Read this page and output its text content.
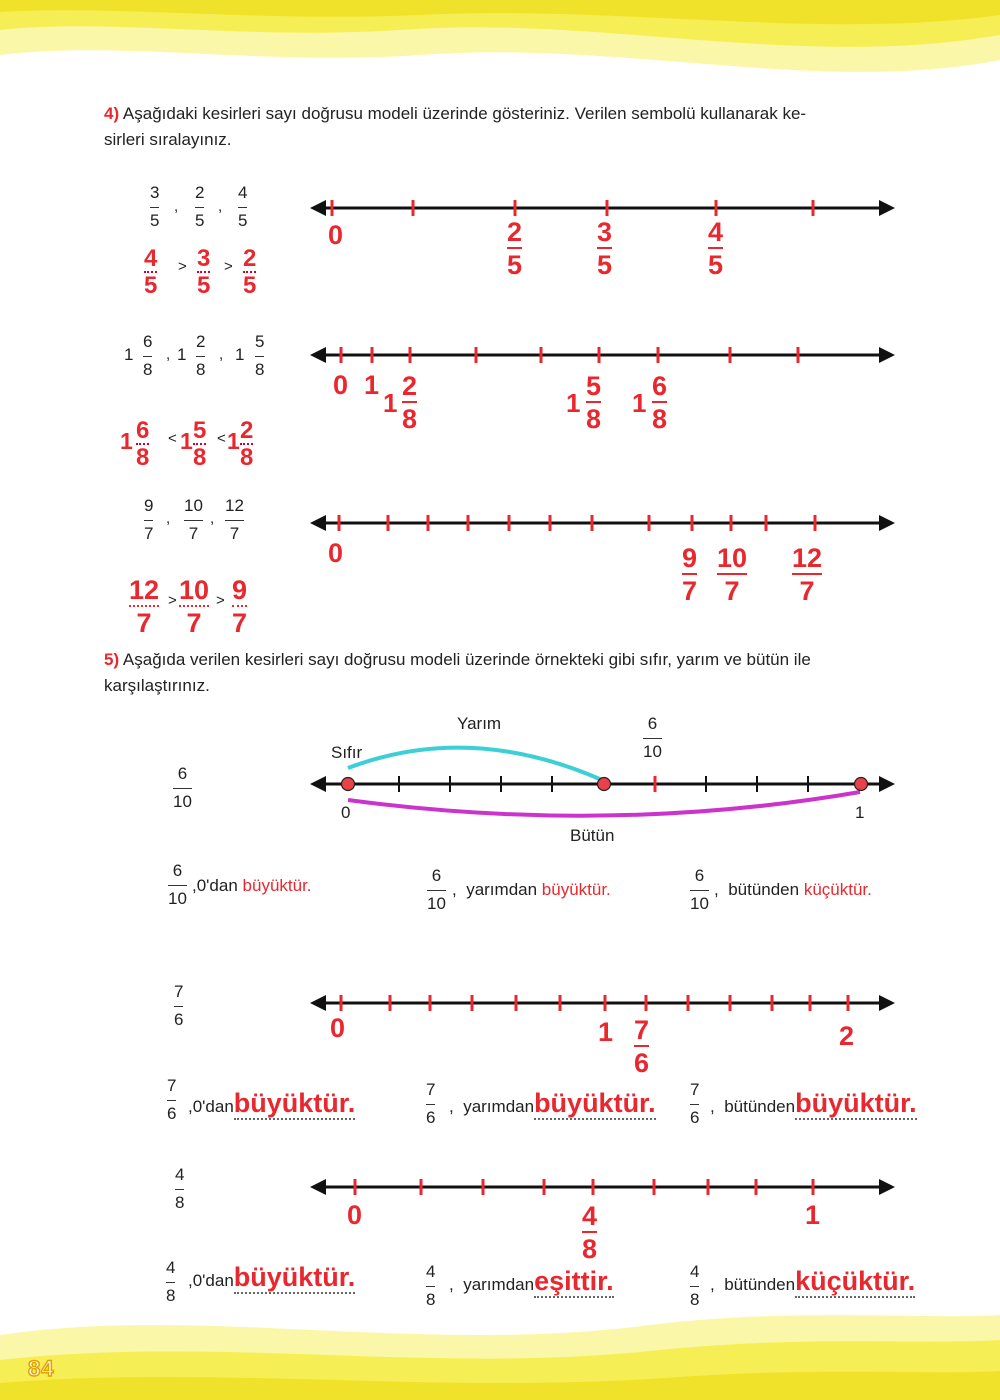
84
4) Aşağıdaki kesirleri sayı doğrusu modeli üzerinde gösteriniz. Verilen sembolü kullanarak ke-
sirleri sıralayınız.
3
5
,
2
5
,
4
5	0	2
5
3
5
4
5
4
5
> 3
5
> 2
5
1
6
8
, 1
2
8
, 1
5
8
0 1
1
2
8
1
5
8
1
6
8
1 6
8
< 1 5
8
< 1 2
8
9
7
,
10
7
,
12
7
0	9
7
10
7
12
7
12
7
> 10
7
> 9
7
5) Aşağıda verilen kesirleri sayı doğrusu modeli üzerinde örnekteki gibi sıfır, yarım ve bütün ile
karşılaştırınız.
6
10
Yarım
Sıfır
6
10
0	1
Bütün
6
10
,0'dan büyüktür.
6
10
, yarımdan büyüktür.
6
10
, bütünden küçüktür.
7
6	0	1 7
6
2
7
6 ,0'danbüyüktür.	7
6
, yarımdanbüyüktür. 7
6
, bütündenbüyüktür.
4
8	0	4
8
1
4
8
,0'danbüyüktür.	4
8
, yarımdaneşittir.	4
8
, bütündenküçüktür.
